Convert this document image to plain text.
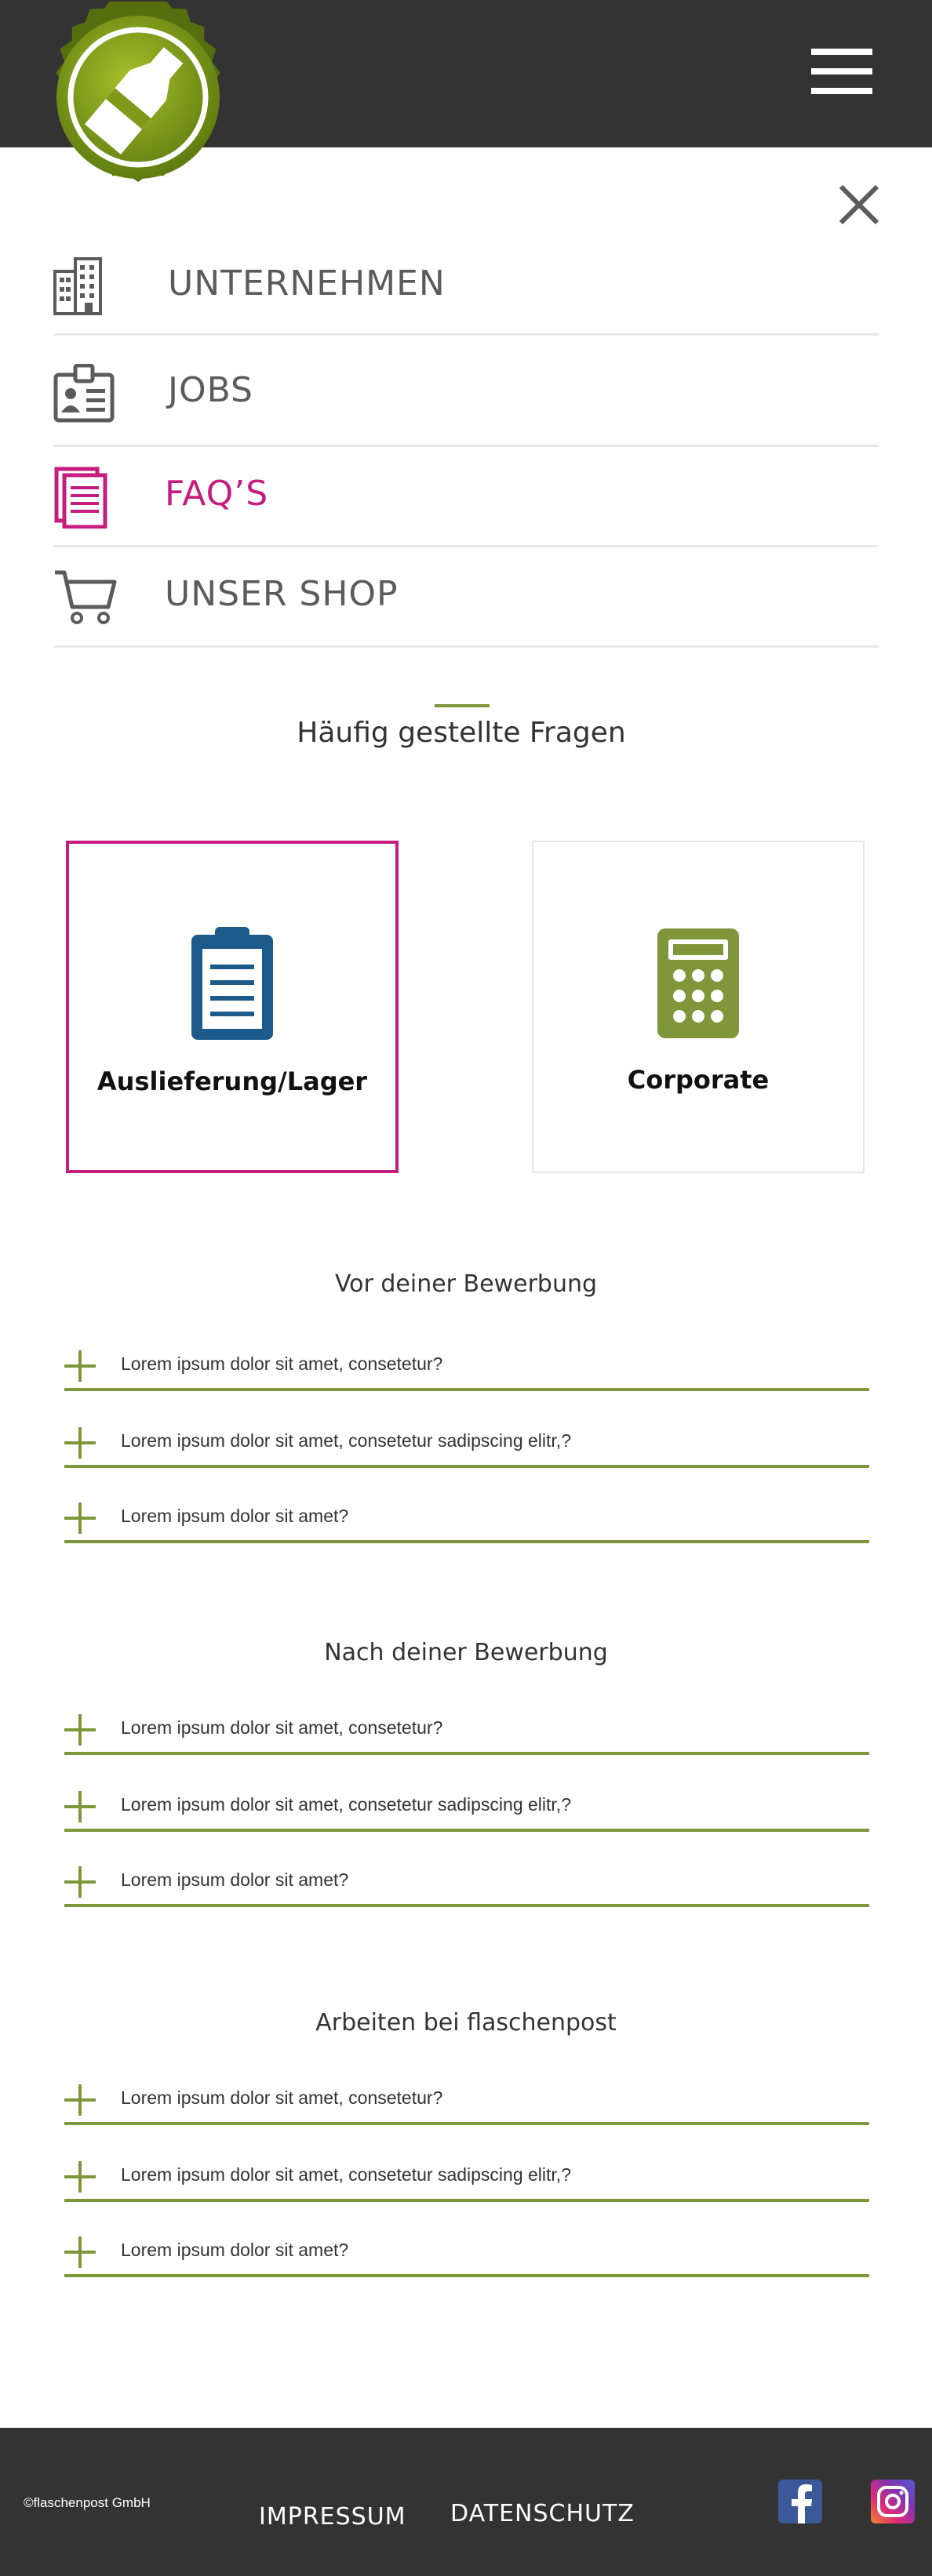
UNTERNEHMEN
JOBS
FAQ’S
UNSER SHOP
Häufig gestellte Fragen
Auslieferung/Lager	Corporate
Vor deiner Bewerbung
Lorem ipsum dolor sit amet, consetetur?
Lorem ipsum dolor sit amet, consetetur sadipscing elitr,?
Lorem ipsum dolor sit amet?
Nach deiner Bewerbung
Lorem ipsum dolor sit amet, consetetur?
Lorem ipsum dolor sit amet, consetetur sadipscing elitr,?
Lorem ipsum dolor sit amet?
Arbeiten bei flaschenpost
Lorem ipsum dolor sit amet, consetetur?
Lorem ipsum dolor sit amet, consetetur sadipscing elitr,?
Lorem ipsum dolor sit amet?
©flaschenpost GmbH
IMPRESSUM DATENSCHUTZ
